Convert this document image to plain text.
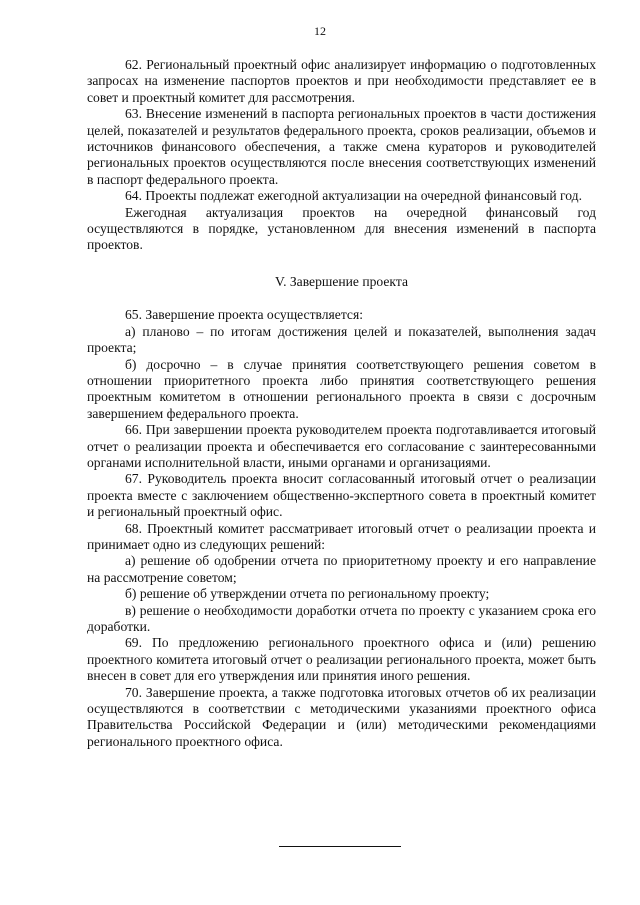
12

62. Региональный проектный офис анализирует информацию о подготовленных запросах на изменение паспортов проектов и при необходимости представляет ее в совет и проектный комитет для рассмотрения.

63. Внесение изменений в паспорта региональных проектов в части достижения целей, показателей и результатов федерального проекта, сроков реализации, объемов и источников финансового обеспечения, а также смена кураторов и руководителей региональных проектов осуществляются после внесения соответствующих изменений в паспорт федерального проекта.

64. Проекты подлежат ежегодной актуализации на очередной финансовый год.

Ежегодная актуализация проектов на очередной финансовый год осуществляются в порядке, установленном для внесения изменений в паспорта проектов.

V. Завершение проекта

65. Завершение проекта осуществляется:

а) планово – по итогам достижения целей и показателей, выполнения задач проекта;

б) досрочно – в случае принятия соответствующего решения советом в отношении приоритетного проекта либо принятия соответствующего решения проектным комитетом в отношении регионального проекта в связи с досрочным завершением федерального проекта.

66. При завершении проекта руководителем проекта подготавливается итоговый отчет о реализации проекта и обеспечивается его согласование с заинтересованными органами исполнительной власти, иными органами и организациями.

67. Руководитель проекта вносит согласованный итоговый отчет о реализации проекта вместе с заключением общественно-экспертного совета в проектный комитет и региональный проектный офис.

68. Проектный комитет рассматривает итоговый отчет о реализации проекта и принимает одно из следующих решений:

а) решение об одобрении отчета по приоритетному проекту и его направление на рассмотрение советом;

б) решение об утверждении отчета по региональному проекту;

в) решение о необходимости доработки отчета по проекту с указанием срока его доработки.

69. По предложению регионального проектного офиса и (или) решению проектного комитета итоговый отчет о реализации регионального проекта, может быть внесен в совет для его утверждения или принятия иного решения.

70. Завершение проекта, а также подготовка итоговых отчетов об их реализации осуществляются в соответствии с методическими указаниями проектного офиса Правительства Российской Федерации и (или) методическими рекомендациями регионального проектного офиса.
